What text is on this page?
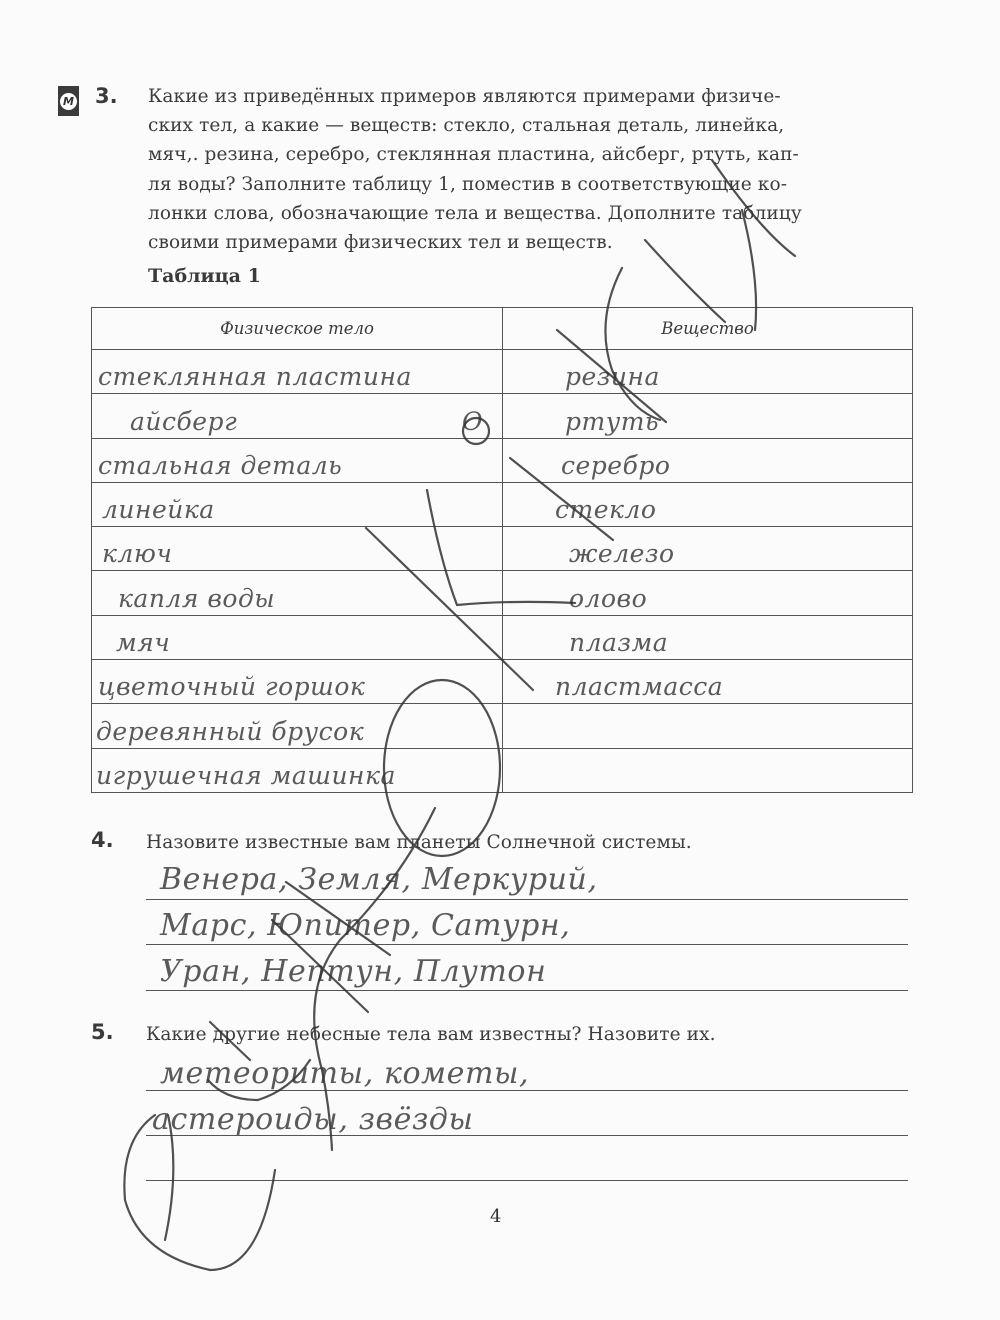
М 3. Какие из приведённых примеров являются примерами физиче-
ских тел, а какие — веществ: стекло, стальная деталь, линейка,
мяч,. резина, серебро, стеклянная пластина, айсберг, ртуть, кап-
ля воды? Заполните таблицу 1, поместив в соответствующие ко-
лонки слова, обозначающие тела и вещества. Дополните таблицу
своими примерами физических тел и веществ.
Таблица 1
Физическое тело	Вещество

стеклянная пластина	резина

айсберг O	ртуть

стальная деталь	серебро

линейка	стекло

ключ	железо

капля воды	олово

мяч	плазма

цветочный горшок	пластмасса

деревянный брусок	

игрушечная машинка	

4. Назовите известные вам планеты Солнечной системы.
Венера, Земля, Меркурий,
Марс, Юпитер, Сатурн,
Уран, Нептун, Плутон
5. Какие другие небесные тела вам известны? Назовите их.
метеориты, кометы,
астероиды, звёзды
4
